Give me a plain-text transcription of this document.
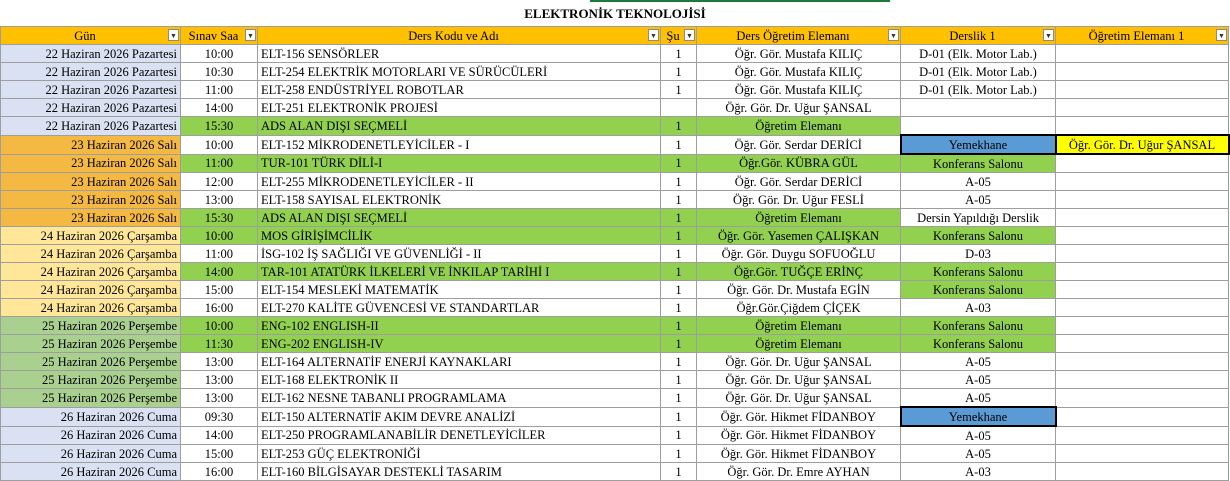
ELEKTRONİK TEKNOLOJİSİ
Gün ▼	Sınav Saa ▼	Ders Kodu ve Adı ▼	Şu ▼	Ders Öğretim Elemanı ▼	Derslik 1 ▼	Öğretim Elemanı 1 ▼

22 Haziran 2026 Pazartesi	10:00	ELT-156 SENSÖRLER	1	Öğr. Gör. Mustafa KILIÇ	D-01 (Elk. Motor Lab.)	
22 Haziran 2026 Pazartesi	10:30	ELT-254 ELEKTRİK MOTORLARI VE SÜRÜCÜLERİ	1	Öğr. Gör. Mustafa KILIÇ	D-01 (Elk. Motor Lab.)	
22 Haziran 2026 Pazartesi	11:00	ELT-258 ENDÜSTRİYEL ROBOTLAR	1	Öğr. Gör. Mustafa KILIÇ	D-01 (Elk. Motor Lab.)	
22 Haziran 2026 Pazartesi	14:00	ELT-251 ELEKTRONİK PROJESİ		Öğr. Gör. Dr. Uğur ŞANSAL		
22 Haziran 2026 Pazartesi	15:30	ADS ALAN DIŞI SEÇMELİ	1	Öğretim Elemanı		
23 Haziran 2026 Salı	10:00	ELT-152 MİKRODENETLEYİCİLER - I	1	Öğr. Gör. Serdar DERİCİ	Yemekhane	Öğr. Gör. Dr. Uğur ŞANSAL
23 Haziran 2026 Salı	11:00	TUR-101 TÜRK DİLİ-I	1	Öğr.Gör. KÜBRA GÜL	Konferans Salonu	
23 Haziran 2026 Salı	12:00	ELT-255 MİKRODENETLEYİCİLER - II	1	Öğr. Gör. Serdar DERİCİ	A-05	
23 Haziran 2026 Salı	13:00	ELT-158 SAYISAL ELEKTRONİK	1	Öğr. Gör. Dr. Uğur FESLİ	A-05	
23 Haziran 2026 Salı	15:30	ADS ALAN DIŞI SEÇMELİ	1	Öğretim Elemanı	Dersin Yapıldığı Derslik	
24 Haziran 2026 Çarşamba	10:00	MOS GİRİŞİMCİLİK	1	Öğr. Gör. Yasemen ÇALIŞKAN	Konferans Salonu	
24 Haziran 2026 Çarşamba	11:00	İSG-102 İŞ SAĞLIĞI VE GÜVENLİĞİ - II	1	Öğr. Gör. Duygu SOFUOĞLU	D-03	
24 Haziran 2026 Çarşamba	14:00	TAR-101 ATATÜRK İLKELERİ VE İNKILAP TARİHİ I	1	Öğr.Gör. TUĞÇE ERİNÇ	Konferans Salonu	
24 Haziran 2026 Çarşamba	15:00	ELT-154 MESLEKİ MATEMATİK	1	Öğr. Gör. Dr. Mustafa EGİN	Konferans Salonu	
24 Haziran 2026 Çarşamba	16:00	ELT-270 KALİTE GÜVENCESİ VE STANDARTLAR	1	Öğr.Gör.Çiğdem ÇİÇEK	A-03	
25 Haziran 2026 Perşembe	10:00	ENG-102 ENGLISH-II	1	Öğretim Elemanı	Konferans Salonu	
25 Haziran 2026 Perşembe	11:30	ENG-202 ENGLISH-IV	1	Öğretim Elemanı	Konferans Salonu	
25 Haziran 2026 Perşembe	13:00	ELT-164 ALTERNATİF ENERJİ KAYNAKLARI	1	Öğr. Gör. Dr. Uğur ŞANSAL	A-05	
25 Haziran 2026 Perşembe	13:00	ELT-168 ELEKTRONİK II	1	Öğr. Gör. Dr. Uğur ŞANSAL	A-05	
25 Haziran 2026 Perşembe	13:00	ELT-162 NESNE TABANLI PROGRAMLAMA	1	Öğr. Gör. Dr. Uğur ŞANSAL	A-05	
26 Haziran 2026 Cuma	09:30	ELT-150 ALTERNATİF AKIM DEVRE ANALİZİ	1	Öğr. Gör. Hikmet FİDANBOY	Yemekhane	
26 Haziran 2026 Cuma	14:00	ELT-250 PROGRAMLANABİLİR DENETLEYİCİLER	1	Öğr. Gör. Hikmet FİDANBOY	A-05	
26 Haziran 2026 Cuma	15:00	ELT-253 GÜÇ ELEKTRONİĞİ	1	Öğr. Gör. Hikmet FİDANBOY	A-05	
26 Haziran 2026 Cuma	16:00	ELT-160 BİLGİSAYAR DESTEKLİ TASARIM	1	Öğr. Gör. Dr. Emre AYHAN	A-03	
